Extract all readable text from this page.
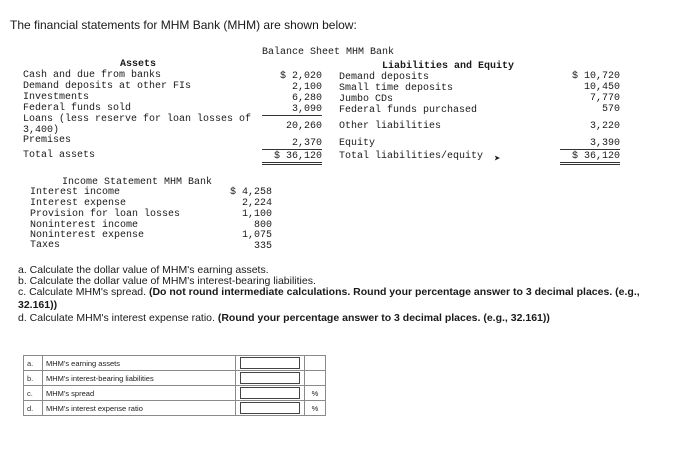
The financial statements for MHM Bank (MHM) are shown below:
Balance Sheet MHM Bank
Assets	Liabilities and Equity
Cash and due from banks	$ 2,020
Demand deposits at other FIs	2,100
Investments	6,280
Federal funds sold	3,090
Loans (less reserve for loan losses of
3,400)	20,260
Premises	2,370
Total assets	$ 36,120
Demand deposits	$ 10,720
Small time deposits	10,450
Jumbo CDs	7,770
Federal funds purchased	570
Other liabilities	3,220
Equity	3,390
Total liabilities/equity	$ 36,120
➤
Income Statement MHM Bank
Interest income	$ 4,258
Interest expense	2,224
Provision for loan losses	1,100
Noninterest income	800
Noninterest expense	1,075
Taxes	335
a. Calculate the dollar value of MHM's earning assets.
b. Calculate the dollar value of MHM's interest-bearing liabilities.
c. Calculate MHM's spread. (Do not round intermediate calculations. Round your percentage answer to 3 decimal places. (e.g., 32.161))
d. Calculate MHM's interest expense ratio. (Round your percentage answer to 3 decimal places. (e.g., 32.161))
a.	MHM's earning assets	

b.	MHM's interest-bearing liabilities	

c.	MHM's spread		%
d.	MHM's interest expense ratio		%
